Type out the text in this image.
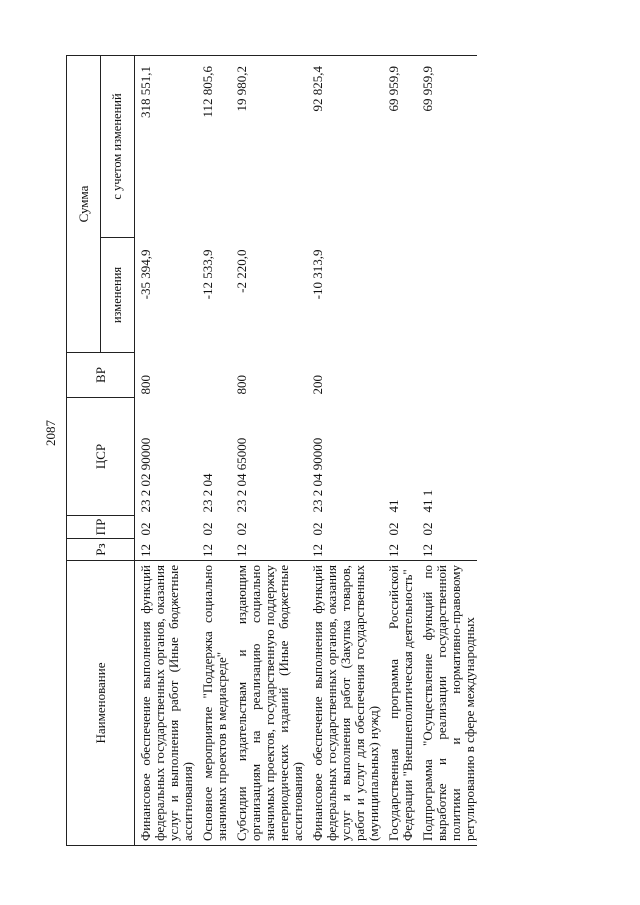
2087
Наименование	Рз	ПР	ЦСР	ВР	Сумма	
					изменения	с учетом изменений
Финансовое обеспечение выполнения функций федеральных государственных органов, оказания услуг и выполнения работ (Иные бюджетные ассигнования)	12	02	23 2 02 90000	800	-35 394,9	318 551,1
Основное мероприятие "Поддержка социально значимых проектов в медиасреде"	12	02	23 2 04		-12 533,9	112 805,6
Субсидии издательствам и издающим организациям на реализацию социально значимых проектов, государственную поддержку непериодических изданий (Иные бюджетные ассигнования)	12	02	23 2 04 65000	800	-2 220,0	19 980,2
Финансовое обеспечение выполнения функций федеральных государственных органов, оказания услуг и выполнения работ (Закупка товаров, работ и услуг для обеспечения государственных (муниципальных) нужд)	12	02	23 2 04 90000	200	-10 313,9	92 825,4
Государственная программа Российской Федерации "Внешнеполитическая деятельность"	12	02	41			69 959,9
Подпрограмма "Осуществление функций по выработке и реализации государственной политики и нормативно-правовому регулированию в сфере международных	12	02	41 1			69 959,9
